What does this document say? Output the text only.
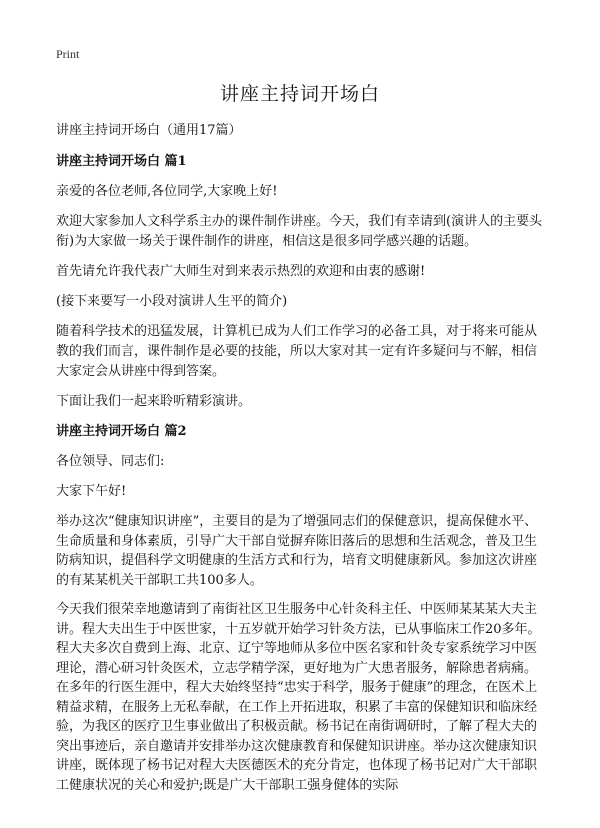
Print
讲座主持词开场白

讲座主持词开场白（通用17篇）

讲座主持词开场白 篇1

亲爱的各位老师,各位同学,大家晚上好!

欢迎大家参加人文科学系主办的课件制作讲座。今天，我们有幸请到(演讲人的主要头衔)为大家做一场关于课件制作的讲座，相信这是很多同学感兴趣的话题。

首先请允许我代表广大师生对到来表示热烈的欢迎和由衷的感谢!

(接下来要写一小段对演讲人生平的简介)

随着科学技术的迅猛发展，计算机已成为人们工作学习的必备工具，对于将来可能从教的我们而言，课件制作是必要的技能，所以大家对其一定有许多疑问与不解，相信大家定会从讲座中得到答案。

下面让我们一起来聆听精彩演讲。

讲座主持词开场白 篇2

各位领导、同志们:

大家下午好!

举办这次“健康知识讲座”，主要目的是为了增强同志们的保健意识，提高保健水平、生命质量和身体素质，引导广大干部自觉摒弃陈旧落后的思想和生活观念，普及卫生防病知识，提倡科学文明健康的生活方式和行为，培育文明健康新风。参加这次讲座的有某某机关干部职工共100多人。

今天我们很荣幸地邀请到了南街社区卫生服务中心针灸科主任、中医师某某某大夫主讲。程大夫出生于中医世家，十五岁就开始学习针灸方法，已从事临床工作20多年。程大夫多次自费到上海、北京、辽宁等地师从多位中医名家和针灸专家系统学习中医理论，潜心研习针灸医术，立志学精学深，更好地为广大患者服务，解除患者病痛。在多年的行医生涯中，程大夫始终坚持“忠实于科学，服务于健康”的理念，在医术上精益求精，在服务上无私奉献，在工作上开拓进取，积累了丰富的保健知识和临床经验，为我区的医疗卫生事业做出了积极贡献。杨书记在南街调研时，了解了程大夫的突出事迹后，亲自邀请并安排举办这次健康教育和保健知识讲座。举办这次健康知识讲座，既体现了杨书记对程大夫医德医术的充分肯定，也体现了杨书记对广大干部职工健康状况的关心和爱护;既是广大干部职工强身健体的实际
